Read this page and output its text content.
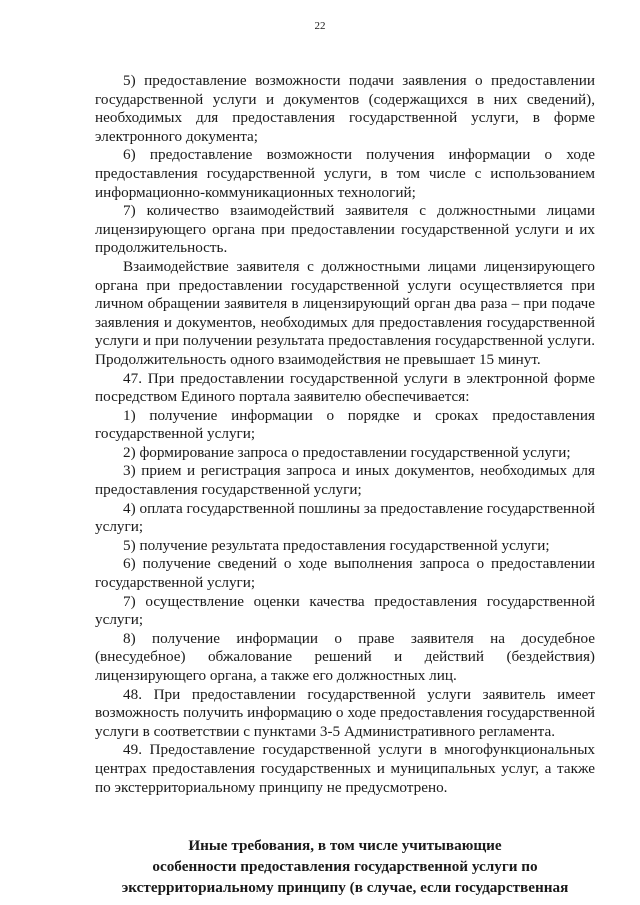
22

5) предоставление возможности подачи заявления о предоставлении государственной услуги и документов (содержащихся в них сведений), необходимых для предоставления государственной услуги, в форме электронного документа;

6) предоставление возможности получения информации о ходе предоставления государственной услуги, в том числе с использованием информационно-коммуникационных технологий;

7) количество взаимодействий заявителя с должностными лицами лицензирующего органа при предоставлении государственной услуги и их продолжительность.

Взаимодействие заявителя с должностными лицами лицензирующего органа при предоставлении государственной услуги осуществляется при личном обращении заявителя в лицензирующий орган два раза – при подаче заявления и документов, необходимых для предоставления государственной услуги и при получении результата предоставления государственной услуги. Продолжительность одного взаимодействия не превышает 15 минут.

47. При предоставлении государственной услуги в электронной форме посредством Единого портала заявителю обеспечивается:

1) получение информации о порядке и сроках предоставления государственной услуги;

2) формирование запроса о предоставлении государственной услуги;

3) прием и регистрация запроса и иных документов, необходимых для предоставления государственной услуги;

4) оплата государственной пошлины за предоставление государственной услуги;

5) получение результата предоставления государственной услуги;

6) получение сведений о ходе выполнения запроса о предоставлении государственной услуги;

7) осуществление оценки качества предоставления государственной услуги;

8) получение информации о праве заявителя на досудебное (внесудебное) обжалование решений и действий (бездействия) лицензирующего органа, а также его должностных лиц.

48. При предоставлении государственной услуги заявитель имеет возможность получить информацию о ходе предоставления государственной услуги в соответствии с пунктами 3-5 Административного регламента.

49. Предоставление государственной услуги в многофункциональных центрах предоставления государственных и муниципальных услуг, а также по экстерриториальному принципу не предусмотрено.

Иные требования, в том числе учитывающие

особенности предоставления государственной услуги по

экстерриториальному принципу (в случае, если государственная
